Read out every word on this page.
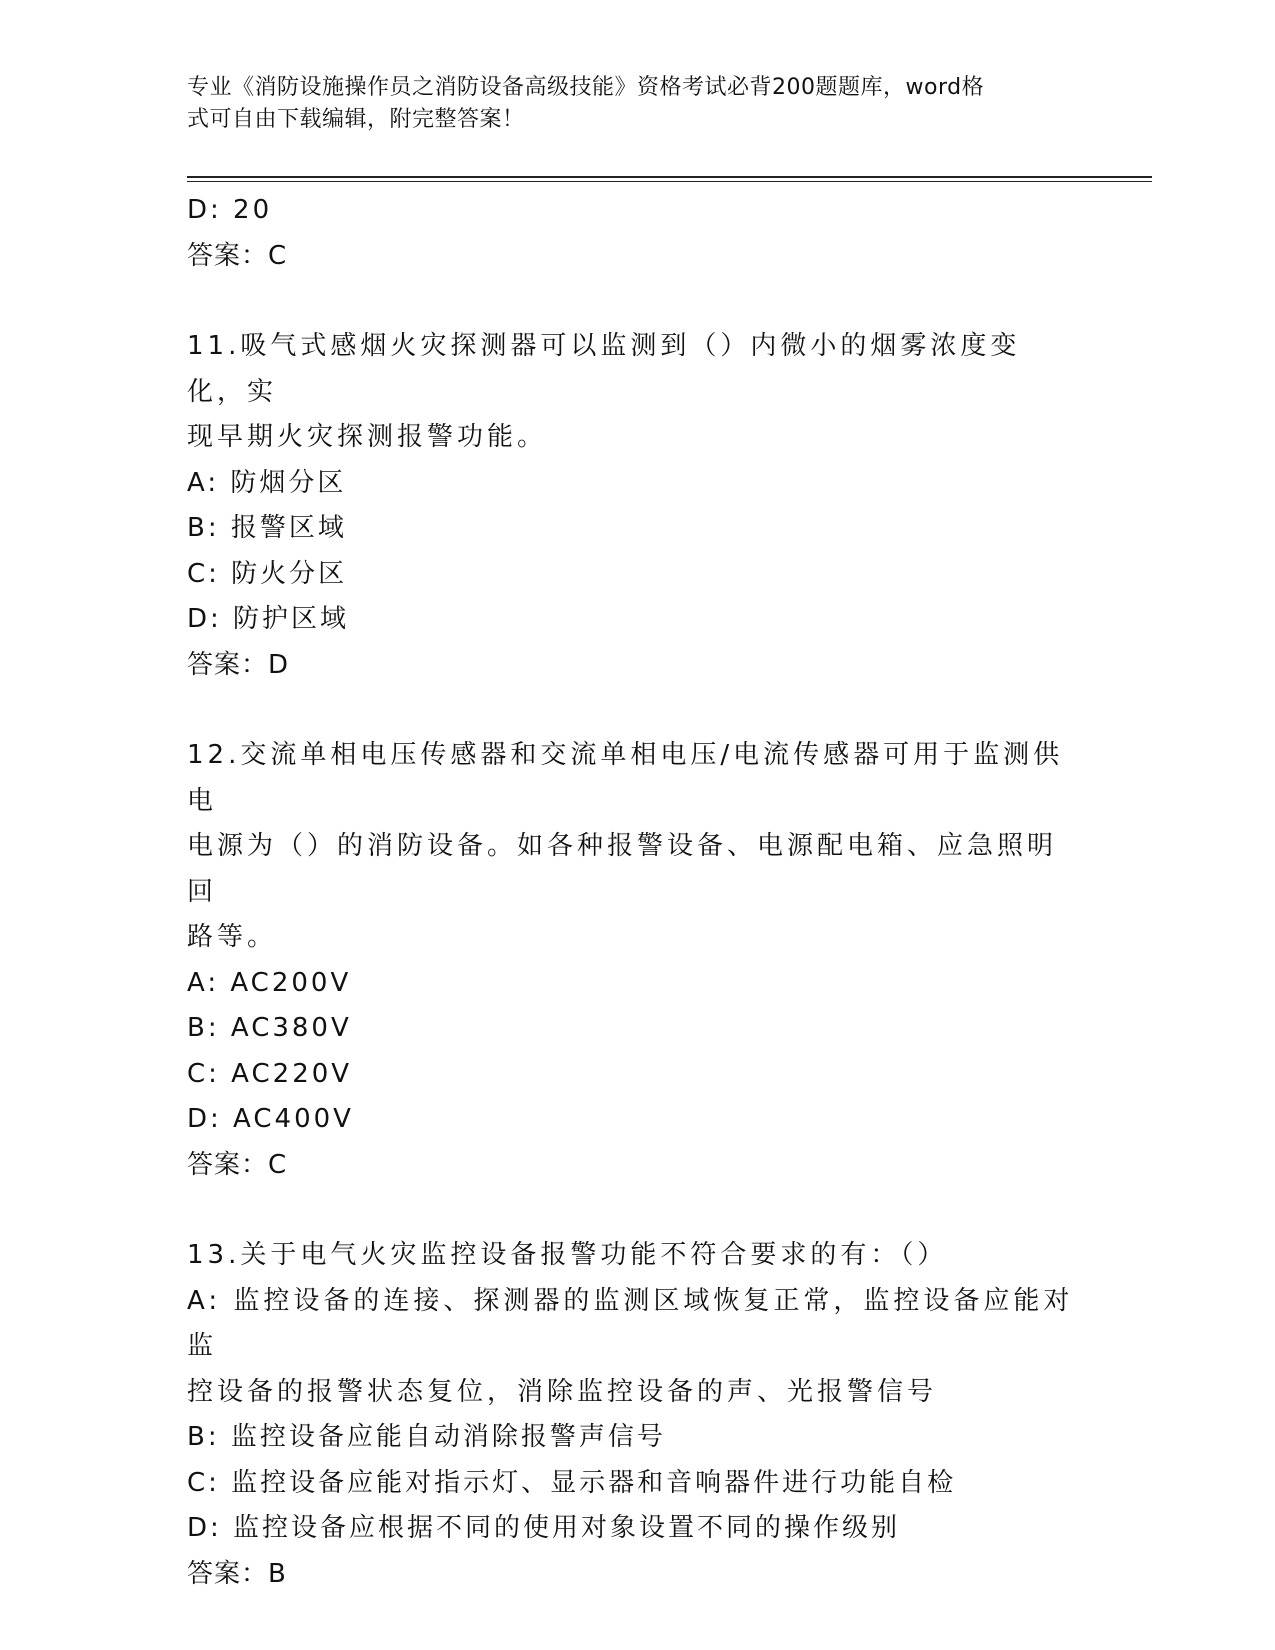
专业《消防设施操作员之消防设备高级技能》资格考试必背200题题库，word格
式可自由下载编辑，附完整答案！
D: 20
答案：C
11.吸气式感烟火灾探测器可以监测到（）内微小的烟雾浓度变化，实
现早期火灾探测报警功能。
A: 防烟分区
B: 报警区域
C: 防火分区
D: 防护区域
答案：D
12.交流单相电压传感器和交流单相电压/电流传感器可用于监测供电
电源为（）的消防设备。如各种报警设备、电源配电箱、应急照明回
路等。
A: AC200V
B: AC380V
C: AC220V
D: AC400V
答案：C
13.关于电气火灾监控设备报警功能不符合要求的有：（）
A: 监控设备的连接、探测器的监测区域恢复正常，监控设备应能对监
控设备的报警状态复位，消除监控设备的声、光报警信号
B: 监控设备应能自动消除报警声信号
C: 监控设备应能对指示灯、显示器和音响器件进行功能自检
D: 监控设备应根据不同的使用对象设置不同的操作级别
答案：B
